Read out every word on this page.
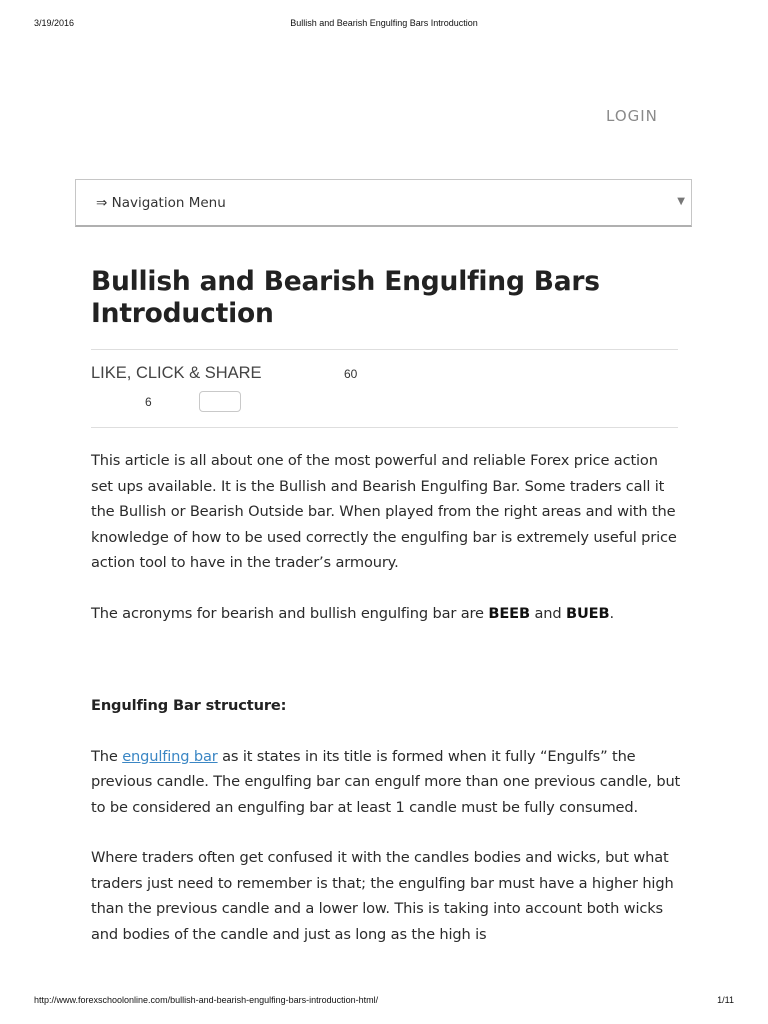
3/19/2016	Bullish and Bearish Engulfing Bars Introduction
LOGIN
⇒ Navigation Menu	▼
Bullish and Bearish Engulfing Bars Introduction
LIKE, CLICK & SHARE	60
6

This article is all about one of the most powerful and reliable Forex price action set ups available. It is the Bullish and Bearish Engulfing Bar. Some traders call it the Bullish or Bearish Outside bar. When played from the right areas and with the knowledge of how to be used correctly the engulfing bar is extremely useful price action tool to have in the trader’s armoury.

The acronyms for bearish and bullish engulfing bar are BEEB and BUEB.

Engulfing Bar structure:

The engulfing bar as it states in its title is formed when it fully “Engulfs” the previous candle. The engulfing bar can engulf more than one previous candle, but to be considered an engulfing bar at least 1 candle must be fully consumed.

Where traders often get confused it with the candles bodies and wicks, but what traders just need to remember is that; the engulfing bar must have a higher high than the previous candle and a lower low. This is taking into account both wicks and bodies of the candle and just as long as the high is

http://www.forexschoolonline.com/bullish-and-bearish-engulfing-bars-introduction-html/	1/11
